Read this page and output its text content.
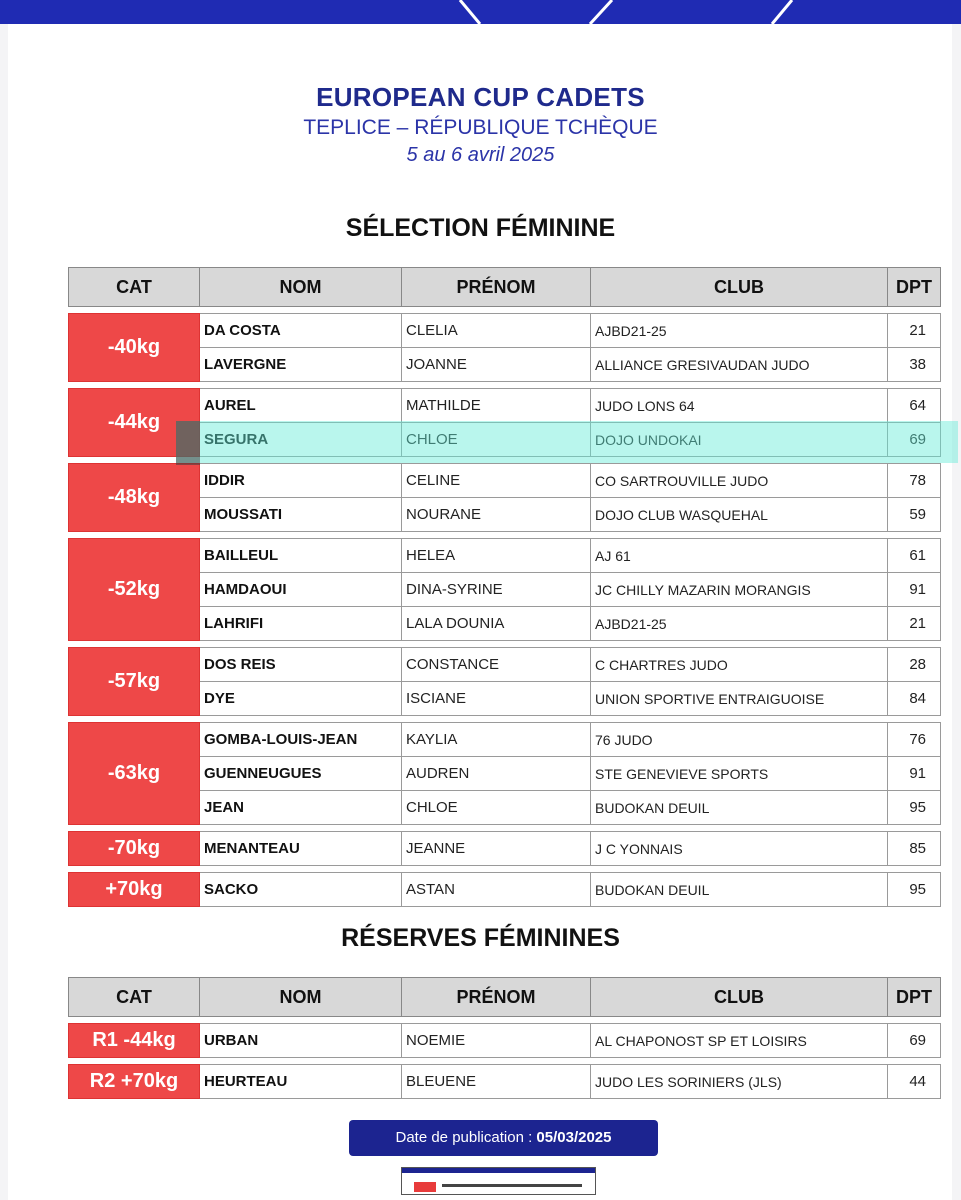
EUROPEAN CUP CADETS
TEPLICE – RÉPUBLIQUE TCHÈQUE
5 au 6 avril 2025
SÉLECTION FÉMININE
CAT	NOM	PRÉNOM	CLUB	DPT

-40kg	DA COSTA	CLELIA	AJBD21-25	21
	LAVERGNE	JOANNE	ALLIANCE GRESIVAUDAN JUDO	38

-44kg	AUREL	MATHILDE	JUDO LONS 64	64
	SEGURA	CHLOE	DOJO UNDOKAI	69

-48kg	IDDIR	CELINE	CO SARTROUVILLE JUDO	78
	MOUSSATI	NOURANE	DOJO CLUB WASQUEHAL	59

-52kg	BAILLEUL	HELEA	AJ 61	61
	HAMDAOUI	DINA-SYRINE	JC CHILLY MAZARIN MORANGIS	91
	LAHRIFI	LALA DOUNIA	AJBD21-25	21

-57kg	DOS REIS	CONSTANCE	C CHARTRES JUDO	28
	DYE	ISCIANE	UNION SPORTIVE ENTRAIGUOISE	84

-63kg	GOMBA-LOUIS-JEAN	KAYLIA	76 JUDO	76
	GUENNEUGUES	AUDREN	STE GENEVIEVE SPORTS	91
	JEAN	CHLOE	BUDOKAN DEUIL	95

-70kg	MENANTEAU	JEANNE	J C YONNAIS	85

+70kg	SACKO	ASTAN	BUDOKAN DEUIL	95
RÉSERVES FÉMININES
CAT	NOM	PRÉNOM	CLUB	DPT

R1 -44kg	URBAN	NOEMIE	AL CHAPONOST SP ET LOISIRS	69

R2 +70kg	HEURTEAU	BLEUENE	JUDO LES SORINIERS (JLS)	44
Date de publication : 05/03/2025
